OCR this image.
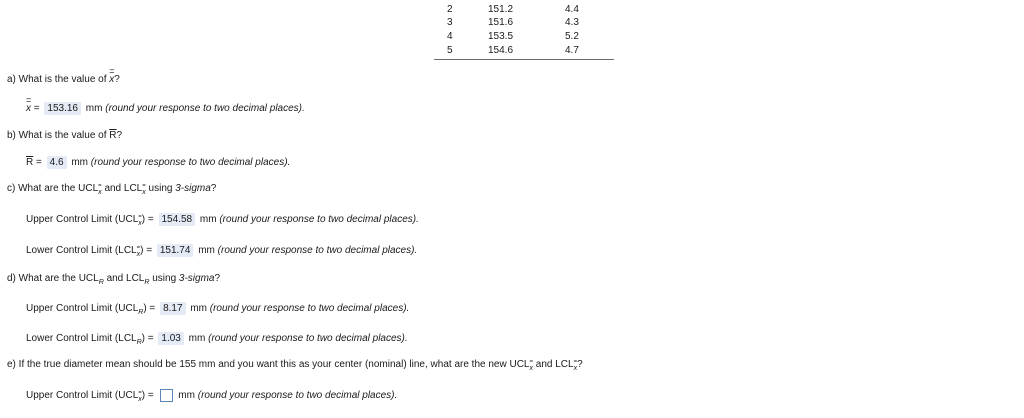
2	151.2	4.4
3	151.6	4.3
4	153.5	5.2
5	154.6	4.7
a) What is the value of = x?
= x = 153.16 mm (round your response to two decimal places).
b) What is the value of $\overline{R}$?
$\overline{R} = 4.6$ mm (round your response to two decimal places).
c) What are the UCL= $_x$ and LCL= $_x$ using 3-sigma?
Upper Control Limit (UCL= $_x$) = 154.58 mm (round your response to two decimal places).
Lower Control Limit (LCL= $_x$) = 151.74 mm (round your response to two decimal places).
d) What are the $UCL_R$ and $LCL_R$ using 3-sigma?
Upper Control Limit $(UCL_R) = 8.17$ mm (round your response to two decimal places).
Lower Control Limit $(LCL_R) = 1.03$ mm (round your response to two decimal places).
e) If the true diameter mean should be 155 mm and you want this as your center (nominal) line, what are the new UCL= $_x$ and LCL= $_x$?
Upper Control Limit (UCL= $_x$) = mm (round your response to two decimal places).
